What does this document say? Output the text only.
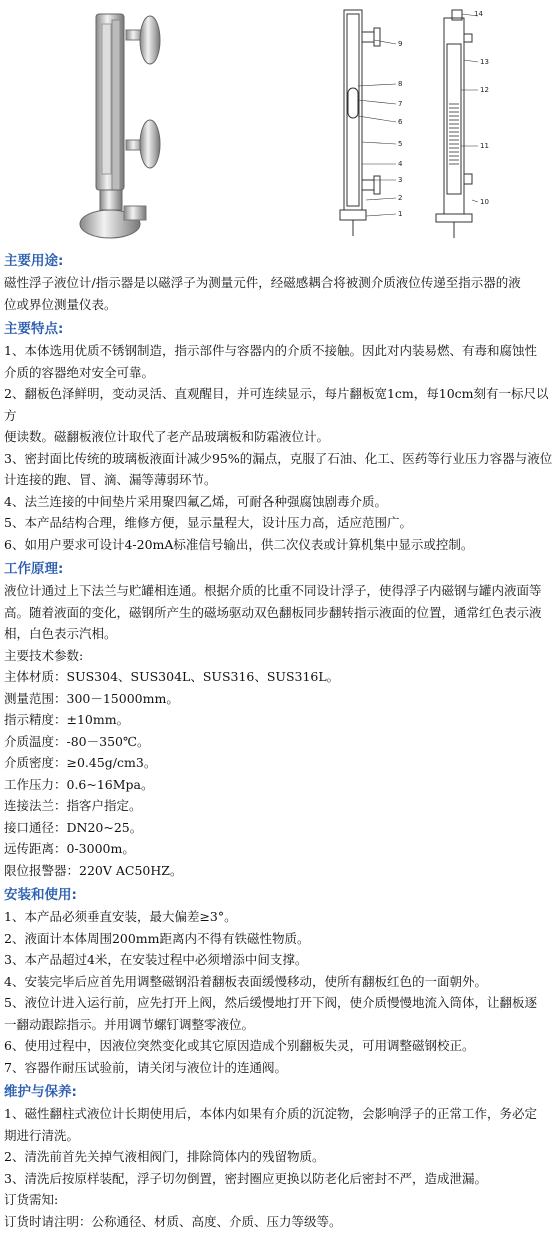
9
8
7
6
5
4
3
2
1
14
13
12
11
10
主要用途:
磁性浮子液位计/指示器是以磁浮子为测量元件，经磁感耦合将被测介质液位传递至指示器的液
位或界位测量仪表。
主要特点:
1、本体选用优质不锈钢制造，指示部件与容器内的介质不接触。因此对内装易燃、有毒和腐蚀性
介质的容器绝对安全可靠。
2、翻板色泽鲜明，变动灵活、直观醒目，并可连续显示，每片翻板宽1cm，每10cm刻有一标尺以方
便读数。磁翻板液位计取代了老产品玻璃板和防霜液位计。
3、密封面比传统的玻璃板液面计减少95%的漏点，克服了石油、化工、医药等行业压力容器与液位
计连接的跑、冒、滴、漏等薄弱环节。
4、法兰连接的中间垫片采用聚四氟乙烯，可耐各种强腐蚀剧毒介质。
5、本产品结构合理，维修方便，显示量程大，设计压力高，适应范围广。
6、如用户要求可设计4-20mA标准信号输出，供二次仪表或计算机集中显示或控制。
工作原理:
液位计通过上下法兰与贮罐相连通。根据介质的比重不同设计浮子，使得浮子内磁钢与罐内液面等
高。随着液面的变化，磁钢所产生的磁场驱动双色翻板同步翻转指示液面的位置，通常红色表示液
相，白色表示汽相。
主要技术参数:
主体材质：SUS304、SUS304L、SUS316、SUS316L。
测量范围：300－15000mm。
指示精度：±10mm。
介质温度：-80－350℃。
介质密度：≥0.45g/cm3。
工作压力：0.6~16Mpa。
连接法兰：指客户指定。
接口通径：DN20~25。
远传距离：0-3000m。
限位报警器：220V AC50HZ。
安装和使用:
1、本产品必须垂直安装，最大偏差≥3°。
2、液面计本体周围200mm距离内不得有铁磁性物质。
3、本产品超过4米，在安装过程中必须增添中间支撑。
4、安装完毕后应首先用调整磁钢沿着翻板表面缓慢移动，使所有翻板红色的一面朝外。
5、液位计进入运行前，应先打开上阀，然后缓慢地打开下阀，使介质慢慢地流入筒体，让翻板逐
一翻动跟踪指示。并用调节螺钉调整零液位。
6、使用过程中，因液位突然变化或其它原因造成个别翻板失灵，可用调整磁钢校正。
7、容器作耐压试验前，请关闭与液位计的连通阀。
维护与保养:
1、磁性翻柱式液位计长期使用后，本体内如果有介质的沉淀物，会影响浮子的正常工作，务必定
期进行清洗。
2、清洗前首先关掉气液相阀门，排除筒体内的残留物质。
3、清洗后按原样装配，浮子切勿倒置，密封圈应更换以防老化后密封不严，造成泄漏。
订货需知:
订货时请注明：公称通径、材质、高度、介质、压力等级等。
